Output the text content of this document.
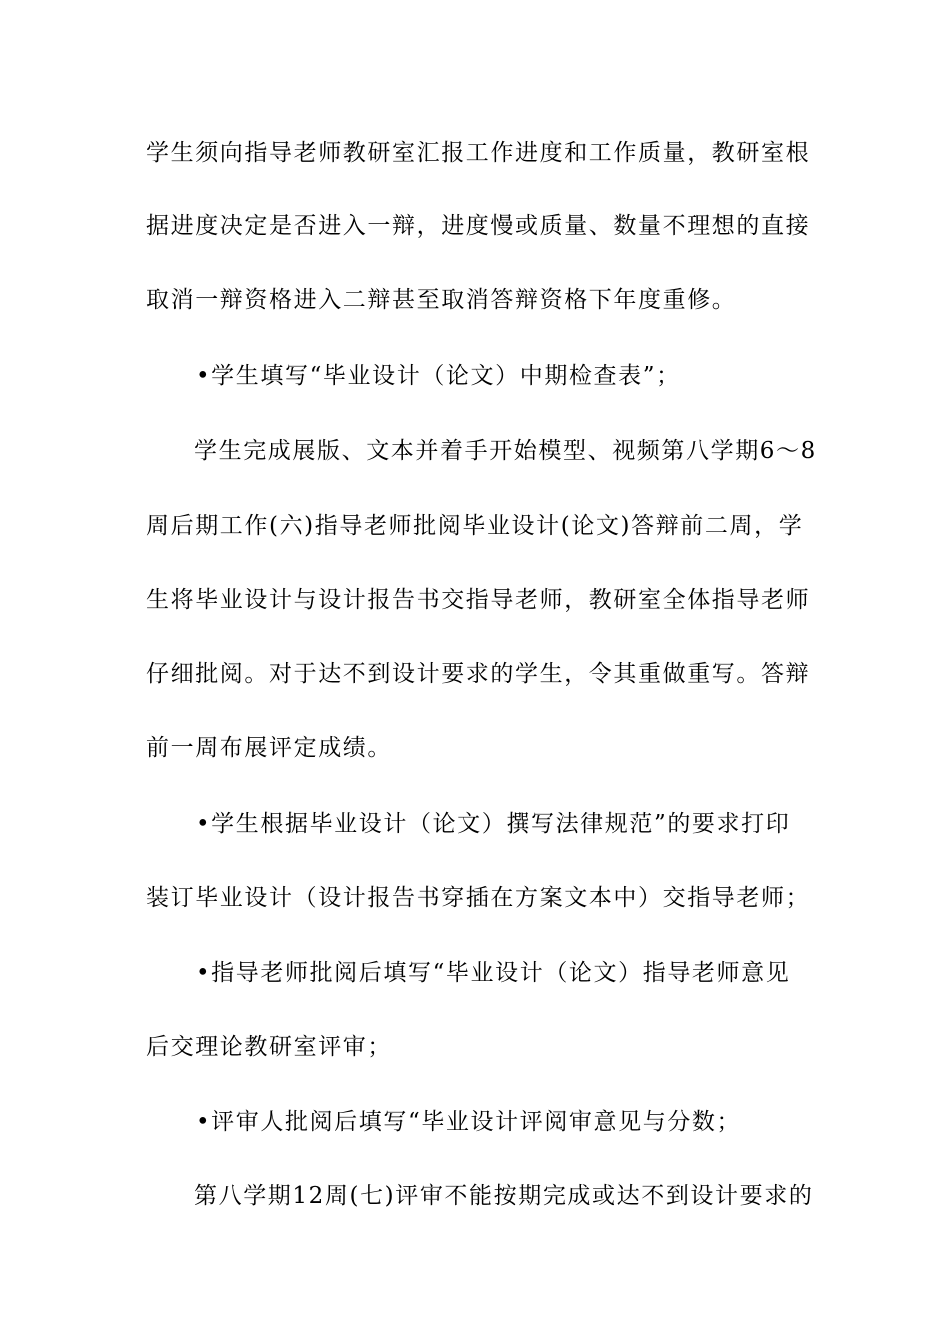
学生须向指导老师教研室汇报工作进度和工作质量，教研室根
据进度决定是否进入一辩，进度慢或质量、数量不理想的直接
取消一辩资格进入二辩甚至取消答辩资格下年度重修。
•学生填写“毕业设计（论文）中期检查表”；
学生完成展版、文本并着手开始模型、视频第八学期6～8
周后期工作(六)指导老师批阅毕业设计(论文)答辩前二周，学
生将毕业设计与设计报告书交指导老师，教研室全体指导老师
仔细批阅。对于达不到设计要求的学生，令其重做重写。答辩
前一周布展评定成绩。
•学生根据毕业设计（论文）撰写法律规范”的要求打印
装订毕业设计（设计报告书穿插在方案文本中）交指导老师；
•指导老师批阅后填写“毕业设计（论文）指导老师意见
后交理论教研室评审；
•评审人批阅后填写“毕业设计评阅审意见与分数；
第八学期12周(七)评审不能按期完成或达不到设计要求的
